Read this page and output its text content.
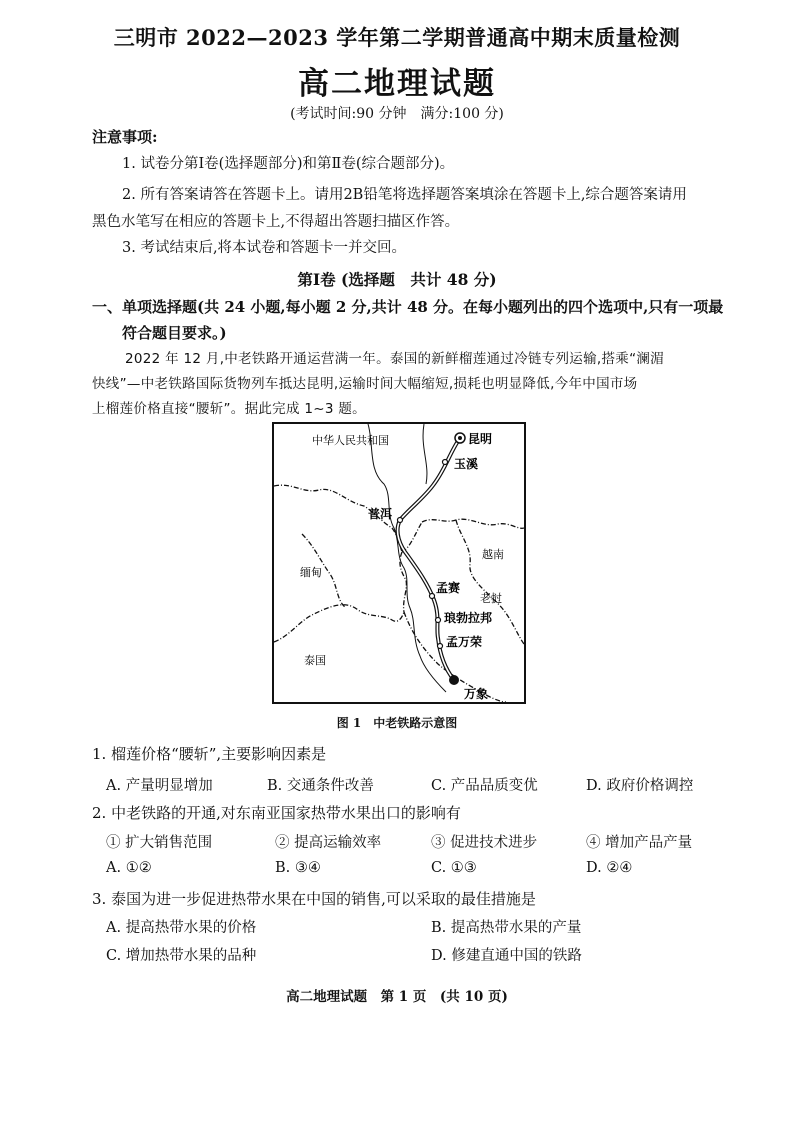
三明市 2022—2023 学年第二学期普通高中期末质量检测
高二地理试题
(考试时间:90 分钟　满分:100 分)
注意事项:
1. 试卷分第Ⅰ卷(选择题部分)和第Ⅱ卷(综合题部分)。
2. 所有答案请答在答题卡上。请用2B铅笔将选择题答案填涂在答题卡上,综合题答案请用
黑色水笔写在相应的答题卡上,不得超出答题扫描区作答。
3. 考试结束后,将本试卷和答题卡一并交回。
第Ⅰ卷 (选择题　共计 48 分)
一、单项选择题(共 24 小题,每小题 2 分,共计 48 分。在每小题列出的四个选项中,只有一项最
符合题目要求。)
2022 年 12 月,中老铁路开通运营满一年。泰国的新鲜榴莲通过冷链专列运输,搭乘“澜湄
快线”—中老铁路国际货物列车抵达昆明,运输时间大幅缩短,损耗也明显降低,今年中国市场
上榴莲价格直接“腰斩”。据此完成 1~3 题。
中华人民共和国
越南
缅甸
老挝
泰国
昆明
玉溪
普洱
孟赛
琅勃拉邦
孟万荣
万象
图 1　中老铁路示意图
1. 榴莲价格“腰斩”,主要影响因素是
A. 产量明显增加	B. 交通条件改善	C. 产品品质变优	D. 政府价格调控
2. 中老铁路的开通,对东南亚国家热带水果出口的影响有
① 扩大销售范围	② 提高运输效率	③ 促进技术进步	④ 增加产品产量
A. ①②	B. ③④	C. ①③	D. ②④
3. 泰国为进一步促进热带水果在中国的销售,可以采取的最佳措施是
A. 提高热带水果的价格	B. 提高热带水果的产量
C. 增加热带水果的品种	D. 修建直通中国的铁路
高二地理试题　第 1 页　(共 10 页)
